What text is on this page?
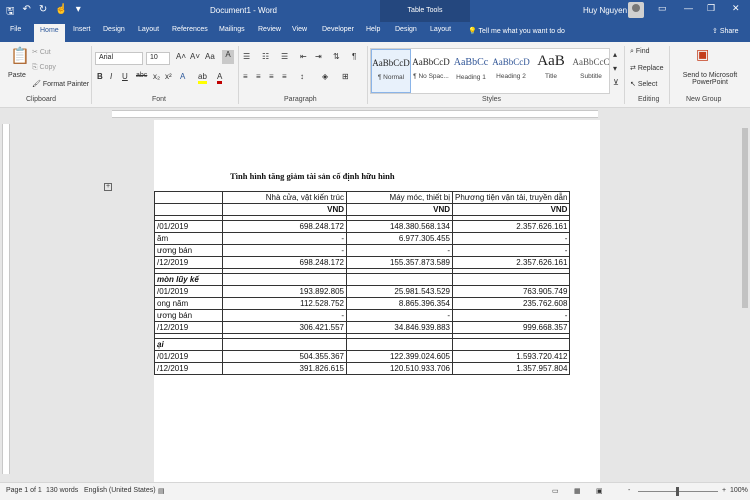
🖫 ↶ ↻ ☝ ▾	Document1 - Word	Table Tools	Huy Nguyen	▭ — ❐ ✕
File	Home	Insert Design Layout References Mailings Review View Developer Help Design Layout 💡 Tell me what you want to do	⇪ Share
📋
Paste
✂ Cut
⎘ Copy
🖌 Format Painter
Clipboard
Arial	10	A˄ A˅ Aa	A
B I U abc x₂ x² A ab A
Font
☰ ☷ ☰ ⇤ ⇥ ⇅ ¶
≡ ≡ ≡ ≡ ↕ ◈ ⊞
Paragraph
AaBbCcD
¶ Normal
AaBbCcD
¶ No Spac...
AaBbCc
Heading 1
AaBbCcD
Heading 2
AaB
Title
AaBbCcC
Subtitle
▴
▾
⊻
Styles
⌕ Find
⇄ Replace
↖ Select
Editing
▣
Send to Microsoft PowerPoint
New Group
Tình hình tăng giảm tài sản cố định hữu hình
	Nhà cửa, vật kiến trúc	Máy móc, thiết bị	Phương tiện vận tải, truyền dẫn
	VND	VND	VND

/01/2019	698.248.172	148.380.568.134	2.357.626.161
ăm	-	6.977.305.455	-
ương bán	-	-	-
/12/2019	698.248.172	155.357.873.589	2.357.626.161

mòn lũy kế			
/01/2019	193.892.805	25.981.543.529	763.905.749
ong năm	112.528.752	8.865.396.354	235.762.608
ương bán	-	-	-
/12/2019	306.421.557	34.846.939.883	999.668.357

ại			
/01/2019	504.355.367	122.399.024.605	1.593.720.412
/12/2019	391.826.615	120.510.933.706	1.357.957.804
+
Page 1 of 1 130 words English (United States) ▤	▭ ▦ ▣	-	+ 100%
